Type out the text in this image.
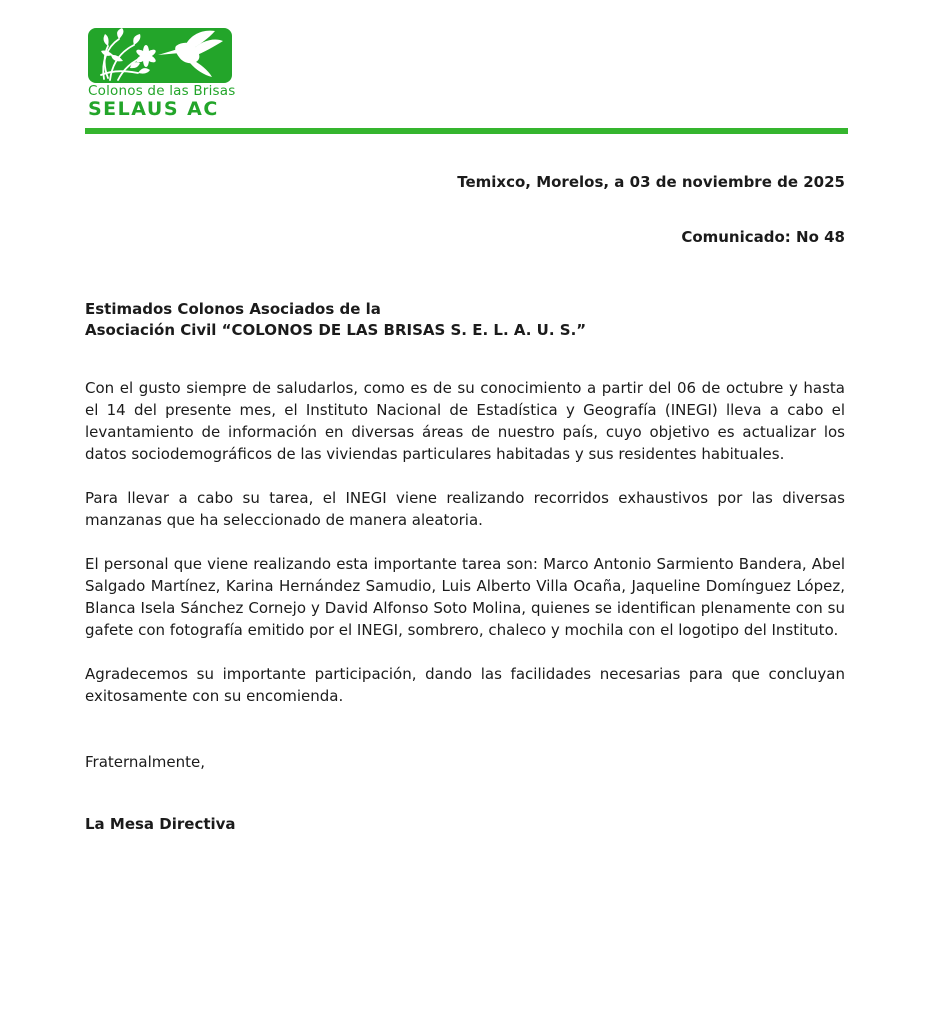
Colonos de las Brisas
SELAUS AC
Temixco, Morelos, a 03 de noviembre de 2025
Comunicado: No 48
Estimados Colonos Asociados de la
Asociación Civil “COLONOS DE LAS BRISAS S. E. L. A. U. S.”

Con el gusto siempre de saludarlos, como es de su conocimiento a partir del 06 de octubre y hasta el 14 del presente mes, el Instituto Nacional de Estadística y Geografía (INEGI) lleva a cabo el levantamiento de información en diversas áreas de nuestro país, cuyo objetivo es actualizar los datos sociodemográficos de las viviendas particulares habitadas y sus residentes habituales.

Para llevar a cabo su tarea, el INEGI viene realizando recorridos exhaustivos por las diversas manzanas que ha seleccionado de manera aleatoria.

El personal que viene realizando esta importante tarea son: Marco Antonio Sarmiento Bandera, Abel Salgado Martínez, Karina Hernández Samudio, Luis Alberto Villa Ocaña, Jaqueline Domínguez López, Blanca Isela Sánchez Cornejo y David Alfonso Soto Molina, quienes se identifican plenamente con su gafete con fotografía emitido por el INEGI, sombrero, chaleco y mochila con el logotipo del Instituto.

Agradecemos su importante participación, dando las facilidades necesarias para que concluyan exitosamente con su encomienda.

Fraternalmente,
La Mesa Directiva
